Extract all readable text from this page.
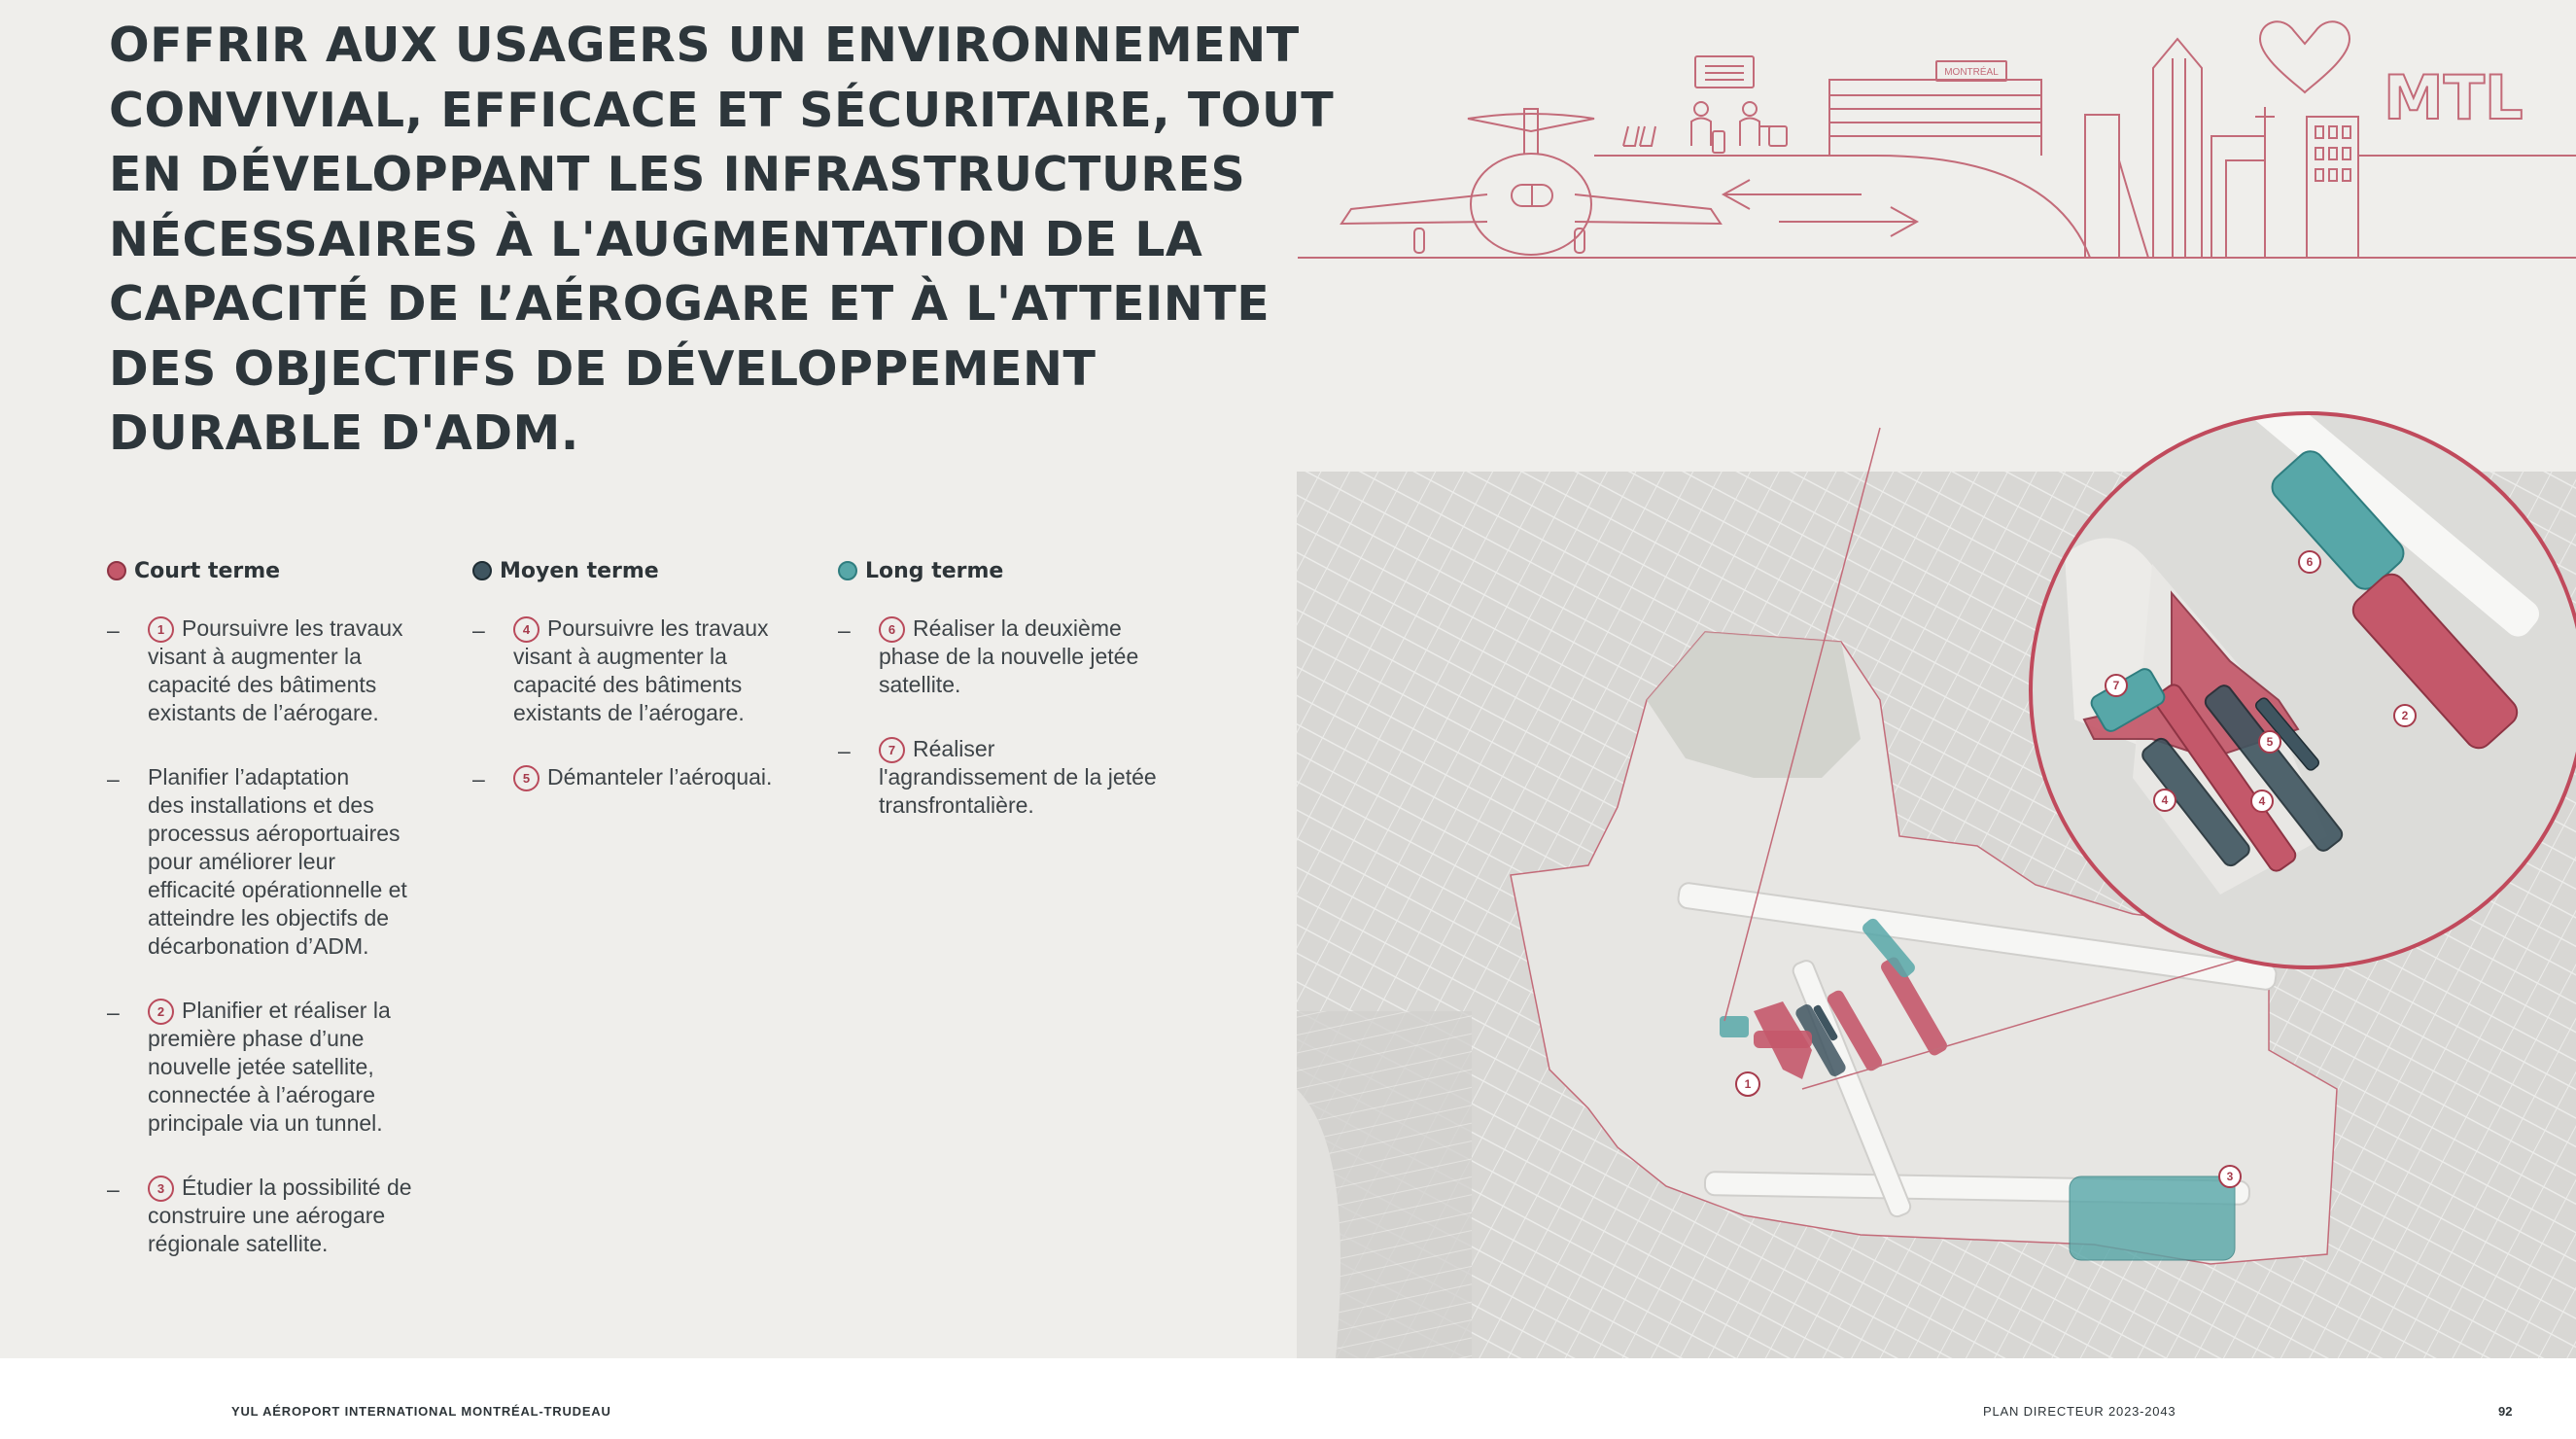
OFFRIR AUX USAGERS UN ENVIRONNEMENT
CONVIVIAL, EFFICACE ET SÉCURITAIRE, TOUT
EN DÉVELOPPANT LES INFRASTRUCTURES
NÉCESSAIRES À L'AUGMENTATION DE LA
CAPACITÉ DE L’AÉROGARE ET À L'ATTEINTE
DES OBJECTIFS DE DÉVELOPPEMENT
DURABLE D'ADM.
Court terme
–	1 Poursuivre les travaux
visant à augmenter la
capacité des bâtiments
existants de l’aérogare.
– Planifier l’adaptation
des installations et des
processus aéroportuaires
pour améliorer leur
efficacité opérationnelle et
atteindre les objectifs de
décarbonation d’ADM.
–	2 Planifier et réaliser la
première phase d’une
nouvelle jetée satellite,
connectée à l’aérogare
principale via un tunnel.
–	3 Étudier la possibilité de
construire une aérogare
régionale satellite.
Moyen terme
–	4 Poursuivre les travaux
visant à augmenter la
capacité des bâtiments
existants de l’aérogare.
–	5 Démanteler l’aéroquai.
Long terme
–	6 Réaliser la deuxième
phase de la nouvelle jetée
satellite.
–	7 Réaliser
l'agrandissement de la jetée
transfrontalière.
MONTRÉAL	MTL
1
2
3
4	4
5
6
7
YUL AÉROPORT INTERNATIONAL MONTRÉAL-TRUDEAU	PLAN DIRECTEUR 2023-2043	92
